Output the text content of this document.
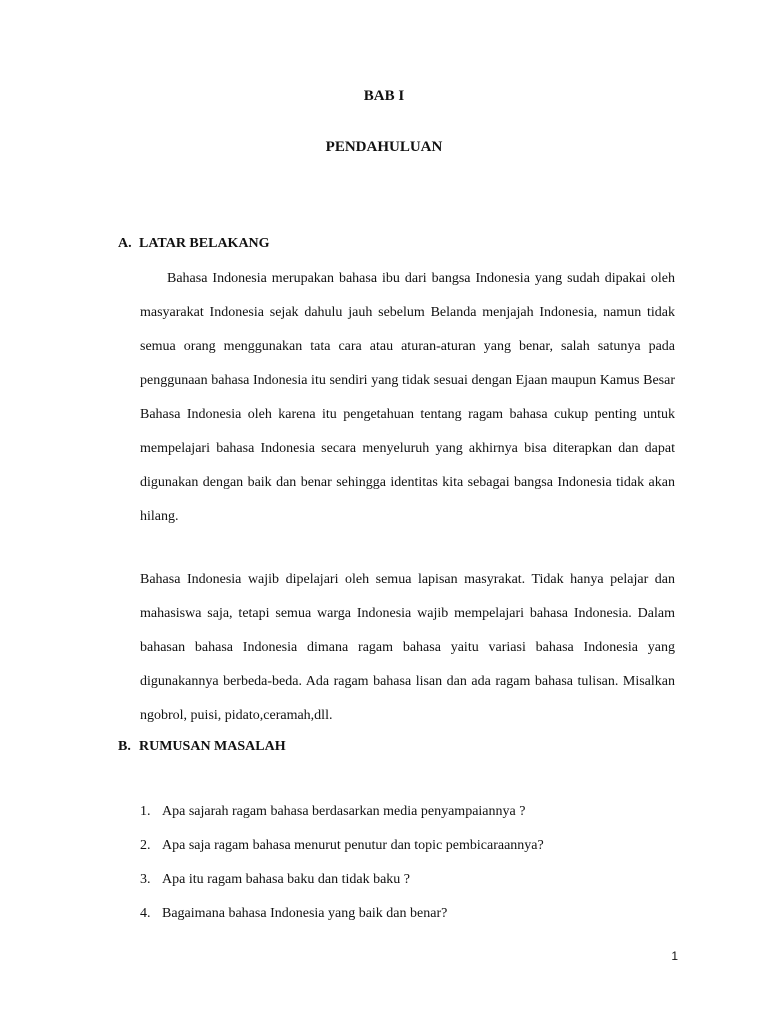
BAB I
PENDAHULUAN
A. LATAR BELAKANG

Bahasa Indonesia merupakan bahasa ibu dari bangsa Indonesia yang sudah dipakai oleh masyarakat Indonesia sejak dahulu jauh sebelum Belanda menjajah Indonesia, namun tidak semua orang menggunakan tata cara atau aturan-aturan yang benar, salah satunya pada penggunaan bahasa Indonesia itu sendiri yang tidak sesuai dengan Ejaan maupun Kamus Besar Bahasa Indonesia oleh karena itu pengetahuan tentang ragam bahasa cukup penting untuk mempelajari bahasa Indonesia secara menyeluruh yang akhirnya bisa diterapkan dan dapat digunakan dengan baik dan benar sehingga identitas kita sebagai bangsa Indonesia tidak akan hilang.

Bahasa Indonesia wajib dipelajari oleh semua lapisan masyrakat. Tidak hanya pelajar dan mahasiswa saja, tetapi semua warga Indonesia wajib mempelajari bahasa Indonesia. Dalam bahasan bahasa Indonesia dimana ragam bahasa yaitu variasi bahasa Indonesia yang digunakannya berbeda-beda. Ada ragam bahasa lisan dan ada ragam bahasa tulisan. Misalkan ngobrol, puisi, pidato,ceramah,dll.

B. RUMUSAN MASALAH
1. Apa sajarah ragam bahasa berdasarkan media penyampaiannya ?
2. Apa saja ragam bahasa menurut penutur dan topic pembicaraannya?
3. Apa itu ragam bahasa baku dan tidak baku ?
4. Bagaimana bahasa Indonesia yang baik dan benar?

1
